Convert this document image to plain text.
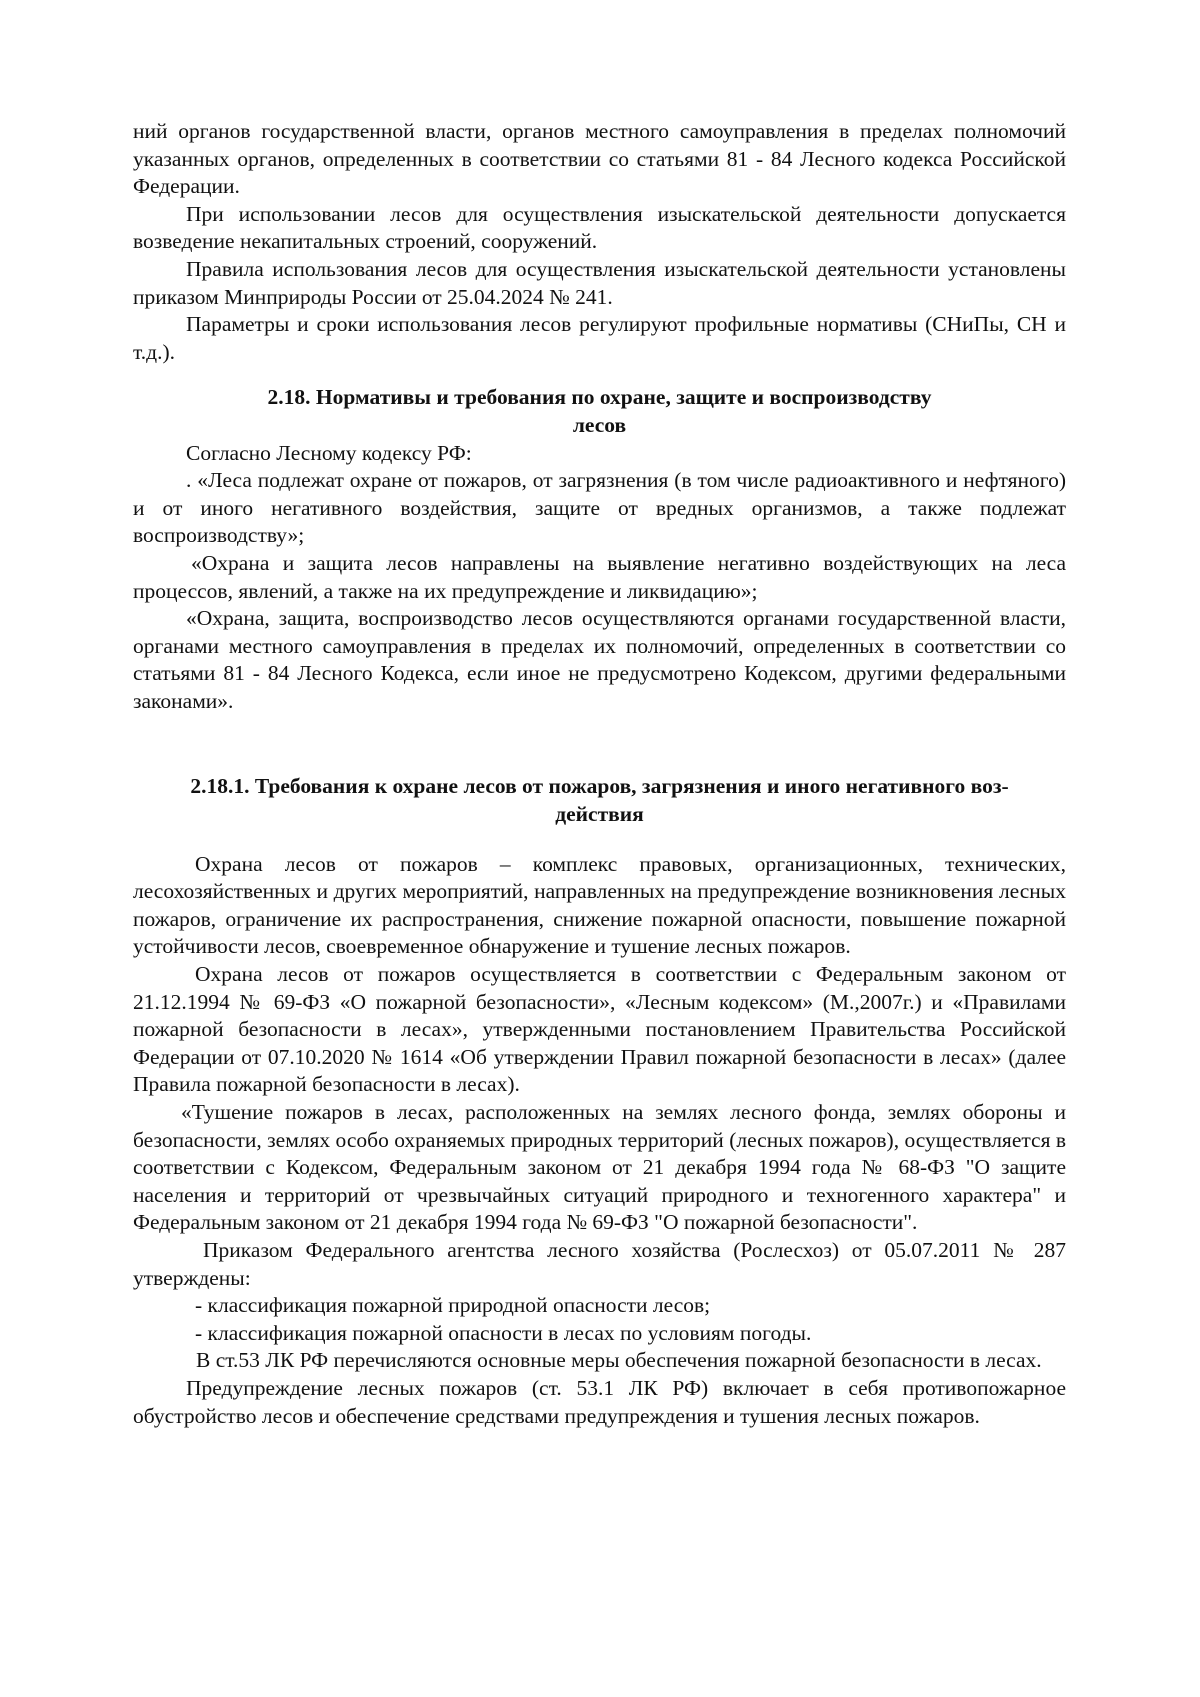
ний органов государственной власти, органов местного самоуправления в пределах полномочий указанных органов, определенных в соответствии со статьями 81 - 84 Лесного кодекса Российской Федерации.

При использовании лесов для осуществления изыскательской деятельности допускается возведение некапитальных строений, сооружений.

Правила использования лесов для осуществления изыскательской деятельности установлены приказом Минприроды России от 25.04.2024 № 241.

Параметры и сроки использования лесов регулируют профильные нормативы (СНиПы, СН и т.д.).

2.18. Нормативы и требования по охране, защите и воспроизводству

лесов

Согласно Лесному кодексу РФ:

. «Леса подлежат охране от пожаров, от загрязнения (в том числе радиоактивного и нефтяного) и от иного негативного воздействия, защите от вредных организмов, а также подлежат воспроизводству»;

«Охрана и защита лесов направлены на выявление негативно воздействующих на леса процессов, явлений, а также на их предупреждение и ликвидацию»;

«Охрана, защита, воспроизводство лесов осуществляются органами государственной власти, органами местного самоуправления в пределах их полномочий, определенных в соответствии со статьями 81 - 84 Лесного Кодекса, если иное не предусмотрено Кодексом, другими федеральными законами».

2.18.1. Требования к охране лесов от пожаров, загрязнения и иного негативного воз-

действия

Охрана лесов от пожаров – комплекс правовых, организационных, технических, лесохозяйственных и других мероприятий, направленных на предупреждение возникновения лесных пожаров, ограничение их распространения, снижение пожарной опасности, повышение пожарной устойчивости лесов, своевременное обнаружение и тушение лесных пожаров.

Охрана лесов от пожаров осуществляется в соответствии с Федеральным законом от 21.12.1994 № 69-ФЗ «О пожарной безопасности», «Лесным кодексом» (М.,2007г.) и «Правилами пожарной безопасности в лесах», утвержденными постановлением Правительства Российской Федерации от 07.10.2020 № 1614 «Об утверждении Правил пожарной безопасности в лесах» (далее Правила пожарной безопасности в лесах).

«Тушение пожаров в лесах, расположенных на землях лесного фонда, землях обороны и безопасности, землях особо охраняемых природных территорий (лесных пожаров), осуществляется в соответствии с Кодексом, Федеральным законом от 21 декабря 1994 года № 68-ФЗ "О защите населения и территорий от чрезвычайных ситуаций природного и техногенного характера" и Федеральным законом от 21 декабря 1994 года № 69-ФЗ "О пожарной безопасности".

Приказом Федерального агентства лесного хозяйства (Рослесхоз) от 05.07.2011 № 287 утверждены:

- классификация пожарной природной опасности лесов;

- классификация пожарной опасности в лесах по условиям погоды.

В ст.53 ЛК РФ перечисляются основные меры обеспечения пожарной безопасности в лесах.

Предупреждение лесных пожаров (ст. 53.1 ЛК РФ) включает в себя противопожарное обустройство лесов и обеспечение средствами предупреждения и тушения лесных пожаров.
